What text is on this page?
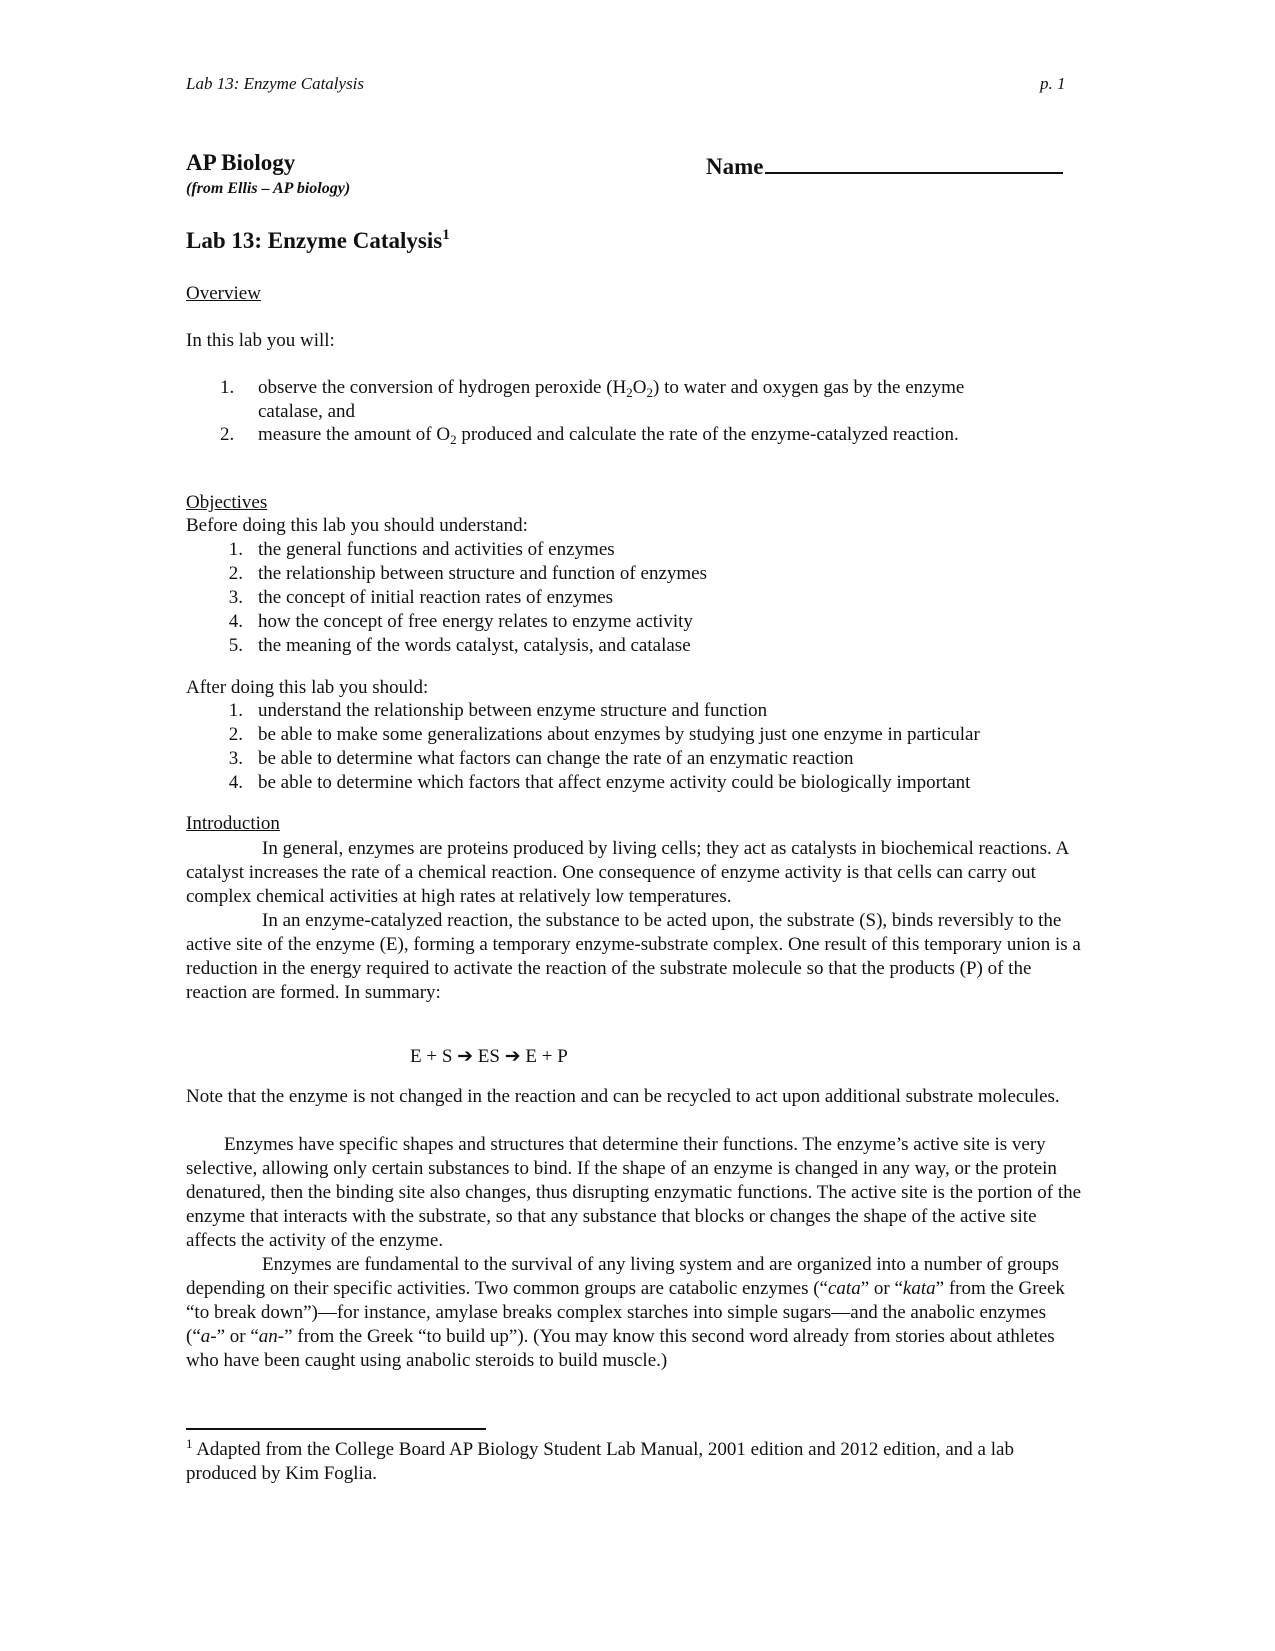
Lab 13: Enzyme Catalysis	p. 1
AP Biology
(from Ellis – AP biology)
Name
Lab 13: Enzyme Catalysis$^1$
Overview
In this lab you will:
1. observe the conversion of hydrogen peroxide $(H_2O_2)$ to water and oxygen gas by the enzyme
catalase, and
2. measure the amount of $O_2$ produced and calculate the rate of the enzyme-catalyzed reaction.
Objectives
Before doing this lab you should understand:
1. the general functions and activities of enzymes
2. the relationship between structure and function of enzymes
3. the concept of initial reaction rates of enzymes
4. how the concept of free energy relates to enzyme activity
5. the meaning of the words catalyst, catalysis, and catalase
After doing this lab you should:
1. understand the relationship between enzyme structure and function
2. be able to make some generalizations about enzymes by studying just one enzyme in particular
3. be able to determine what factors can change the rate of an enzymatic reaction
4. be able to determine which factors that affect enzyme activity could be biologically important
Introduction
In general, enzymes are proteins produced by living cells; they act as catalysts in biochemical reactions. A catalyst increases the rate of a chemical reaction. One consequence of enzyme activity is that cells can carry out complex chemical activities at high rates at relatively low temperatures.
In an enzyme-catalyzed reaction, the substance to be acted upon, the substrate (S), binds reversibly to the active site of the enzyme (E), forming a temporary enzyme-substrate complex. One result of this temporary union is a reduction in the energy required to activate the reaction of the substrate molecule so that the products (P) of the reaction are formed. In summary:
E + S ➔ ES ➔ E + P
Note that the enzyme is not changed in the reaction and can be recycled to act upon additional substrate molecules.
Enzymes have specific shapes and structures that determine their functions. The enzyme’s active site is very selective, allowing only certain substances to bind. If the shape of an enzyme is changed in any way, or the protein denatured, then the binding site also changes, thus disrupting enzymatic functions. The active site is the portion of the enzyme that interacts with the substrate, so that any substance that blocks or changes the shape of the active site affects the activity of the enzyme.
Enzymes are fundamental to the survival of any living system and are organized into a number of groups depending on their specific activities. Two common groups are catabolic enzymes (“cata” or “kata” from the Greek “to break down”)—for instance, amylase breaks complex starches into simple sugars—and the anabolic enzymes (“a-” or “an-” from the Greek “to build up”). (You may know this second word already from stories about athletes who have been caught using anabolic steroids to build muscle.)
$^1$ Adapted from the College Board AP Biology Student Lab Manual, 2001 edition and 2012 edition, and a lab produced by Kim Foglia.
